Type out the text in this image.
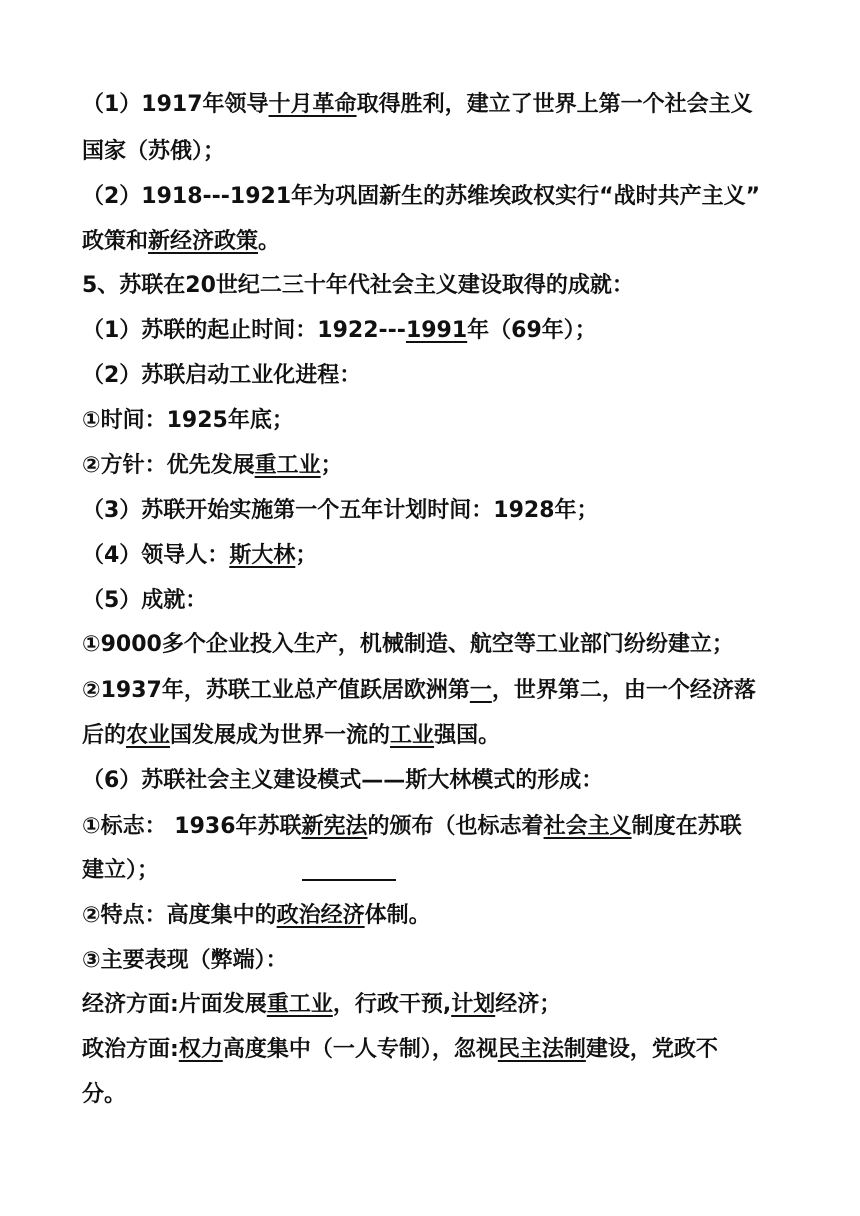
（1）1917年领导十月革命取得胜利，建立了世界上第一个社会主义
国家（苏俄）；
（2）1918---1921年为巩固新生的苏维埃政权实行“战时共产主义”
政策和新经济政策。
5、苏联在20世纪二三十年代社会主义建设取得的成就：
（1）苏联的起止时间：1922---1991年（69年）；
（2）苏联启动工业化进程：
①时间：1925年底；
②方针：优先发展重工业；
（3）苏联开始实施第一个五年计划时间：1928年；
（4）领导人：斯大林；
（5）成就：
①9000多个企业投入生产，机械制造、航空等工业部门纷纷建立；
②1937年，苏联工业总产值跃居欧洲第一，世界第二，由一个经济落
后的农业国发展成为世界一流的工业强国。
（6）苏联社会主义建设模式——斯大林模式的形成：
①标志： 1936年苏联新宪法的颁布（也标志着社会主义制度在苏联
建立）；
②特点：高度集中的政治经济体制。
③主要表现（弊端）：
经济方面:片面发展重工业，行政干预,计划经济；
政治方面:权力高度集中（一人专制），忽视民主法制建设，党政不
分。
